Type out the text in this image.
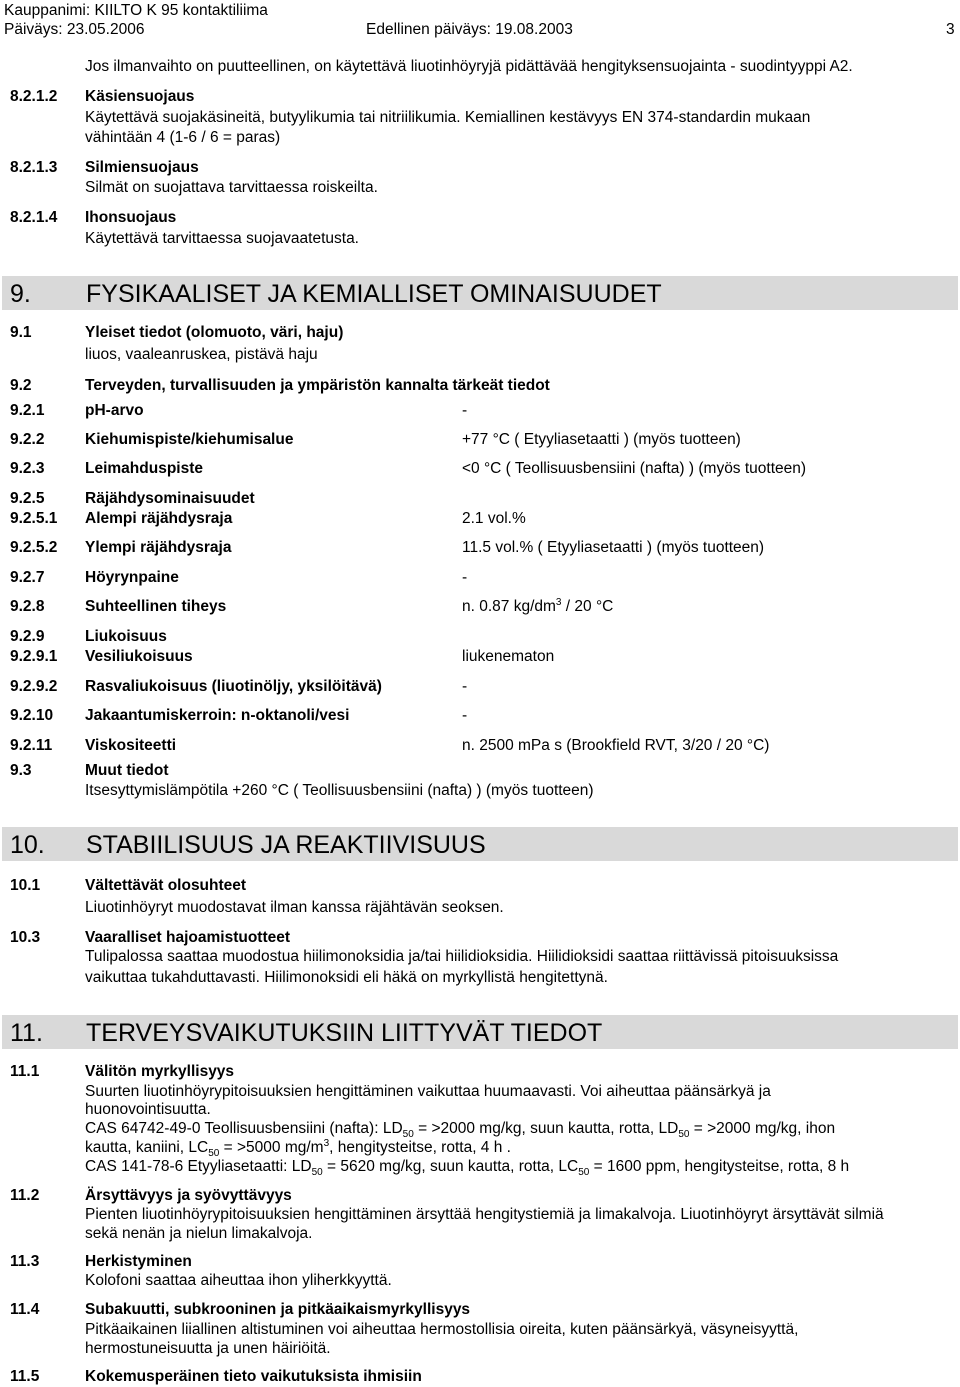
Kauppanimi: KIILTO K 95 kontaktiliima
Päiväys: 23.05.2006	Edellinen päiväys: 19.08.2003	3
Jos ilmanvaihto on puutteellinen, on käytettävä liuotinhöyryjä pidättävää hengityksensuojainta - suodintyyppi A2.
8.2.1.2 Käsiensuojaus
Käytettävä suojakäsineitä, butyylikumia tai nitriilikumia. Kemiallinen kestävyys EN 374-standardin mukaan
vähintään 4 (1-6 / 6 = paras)
8.2.1.3 Silmiensuojaus
Silmät on suojattava tarvittaessa roiskeilta.
8.2.1.4 Ihonsuojaus
Käytettävä tarvittaessa suojavaatetusta.
9. FYSIKAALISET JA KEMIALLISET OMINAISUUDET
9.1	Yleiset tiedot (olomuoto, väri, haju)
liuos, vaaleanruskea, pistävä haju
9.2	Terveyden, turvallisuuden ja ympäristön kannalta tärkeät tiedot
9.2.1	pH-arvo	-
9.2.2	Kiehumispiste/kiehumisalue	+77 °C ( Etyyliasetaatti ) (myös tuotteen)
9.2.3	Leimahduspiste	<0 °C ( Teollisuusbensiini (nafta) ) (myös tuotteen)
9.2.5	Räjähdysominaisuudet
9.2.5.1 Alempi räjähdysraja	2.1 vol.%
9.2.5.2 Ylempi räjähdysraja	11.5 vol.% ( Etyyliasetaatti ) (myös tuotteen)
9.2.7	Höyrynpaine	-
9.2.8	Suhteellinen tiheys	n. 0.87 $kg/dm^3 / 20$ °C
9.2.9	Liukoisuus
9.2.9.1 Vesiliukoisuus	liukenematon
9.2.9.2 Rasvaliukoisuus (liuotinöljy, yksilöitävä)	-
9.2.10 Jakaantumiskerroin: n-oktanoli/vesi	-
9.2.11 Viskositeetti	n. 2500 mPa s (Brookfield RVT, 3/20 / 20 °C)
9.3	Muut tiedot
Itsesyttymislämpötila +260 °C ( Teollisuusbensiini (nafta) ) (myös tuotteen)
10. STABIILISUUS JA REAKTIIVISUUS
10.1	Vältettävät olosuhteet
Liuotinhöyryt muodostavat ilman kanssa räjähtävän seoksen.
10.3	Vaaralliset hajoamistuotteet
Tulipalossa saattaa muodostua hiilimonoksidia ja/tai hiilidioksidia. Hiilidioksidi saattaa riittävissä pitoisuuksissa
vaikuttaa tukahduttavasti. Hiilimonoksidi eli häkä on myrkyllistä hengitettynä.
11. TERVEYSVAIKUTUKSIIN LIITTYVÄT TIEDOT
11.1	Välitön myrkyllisyys
Suurten liuotinhöyrypitoisuuksien hengittäminen vaikuttaa huumaavasti. Voi aiheuttaa päänsärkyä ja
huonovointisuutta.
CAS 64742-49-0 Teollisuusbensiini (nafta): $LD_{50} = >2000$ mg/kg, suun kautta, rotta, $LD_{50} = >2000$ mg/kg, ihon
kautta, kaniini, $LC_{50} = >5000$ $mg/m^3$, hengitysteitse, rotta, 4 h .
CAS 141-78-6 Etyyliasetaatti: $LD_{50} = 5620$ mg/kg, suun kautta, rotta, $LC_{50} = 1600$ ppm, hengitysteitse, rotta, 8 h
11.2	Ärsyttävyys ja syövyttävyys
Pienten liuotinhöyrypitoisuuksien hengittäminen ärsyttää hengitystiemiä ja limakalvoja. Liuotinhöyryt ärsyttävät silmiä
sekä nenän ja nielun limakalvoja.
11.3	Herkistyminen
Kolofoni saattaa aiheuttaa ihon yliherkkyyttä.
11.4	Subakuutti, subkrooninen ja pitkäaikaismyrkyllisyys
Pitkäaikainen liiallinen altistuminen voi aiheuttaa hermostollisia oireita, kuten päänsärkyä, väsyneisyyttä,
hermostuneisuutta ja unen häiriöitä.
11.5	Kokemusperäinen tieto vaikutuksista ihmisiin
